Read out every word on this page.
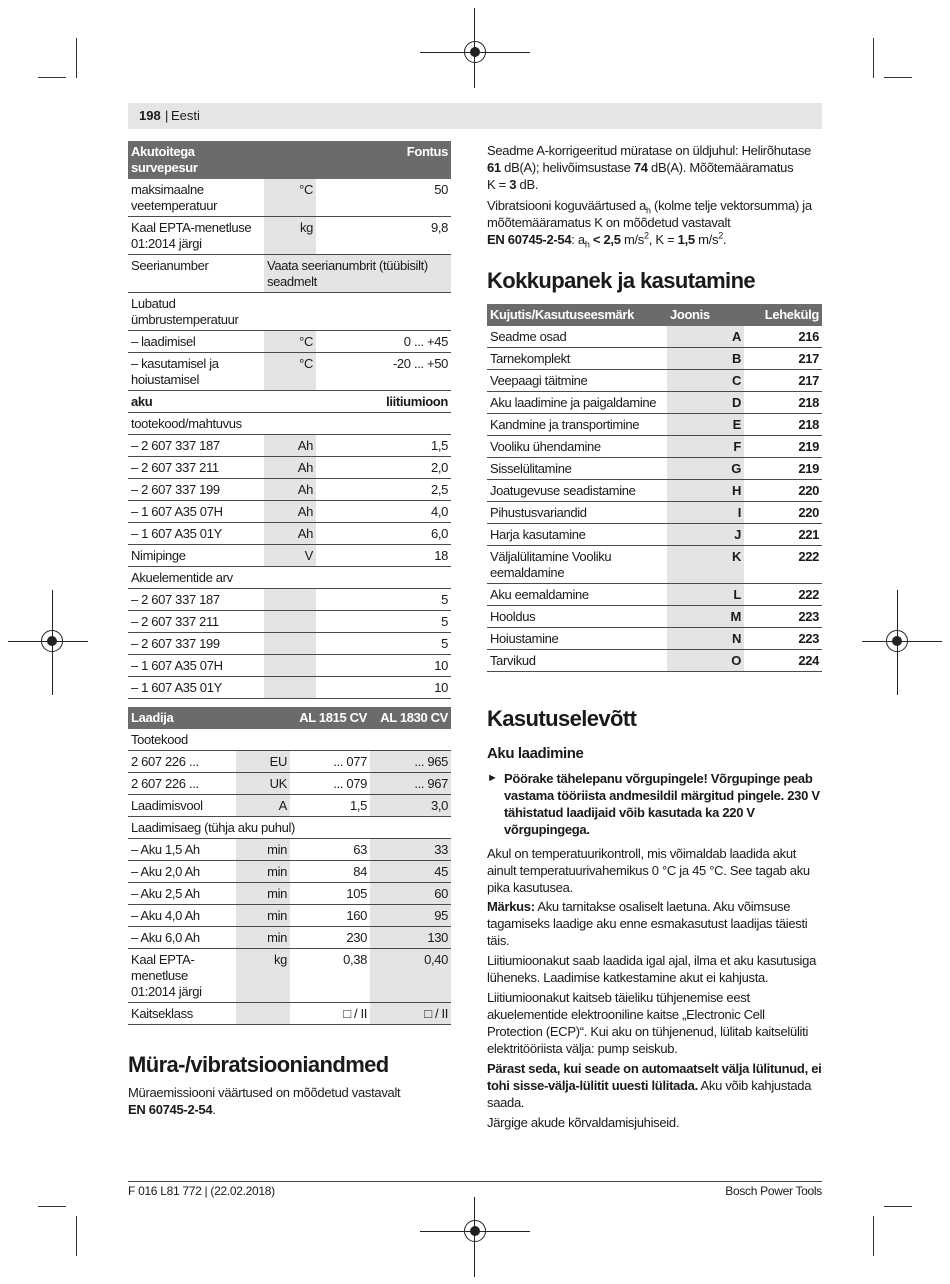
198 | Eesti
Akutoitega survepesur		Fontus
maksimaalne veetemperatuur	°C	50
Kaal EPTA-menetluse 01:2014 järgi	kg	9,8
Seerianumber	Vaata seerianumbrit (tüübisilt) seadmelt	
Lubatud ümbrustemperatuur		
– laadimisel	°C	0 ... +45
– kasutamisel ja hoiustamisel	°C	-20 ... +50
aku		liitiumioon
tootekood/mahtuvus		
– 2 607 337 187	Ah	1,5
– 2 607 337 211	Ah	2,0
– 2 607 337 199	Ah	2,5
– 1 607 A35 07H	Ah	4,0
– 1 607 A35 01Y	Ah	6,0
Nimipinge	V	18
Akuelementide arv		
– 2 607 337 187		5
– 2 607 337 211		5
– 2 607 337 199		5
– 1 607 A35 07H		10
– 1 607 A35 01Y		10
Laadija		AL 1815 CV	AL 1830 CV
Tootekood			
2 607 226 ...	EU	... 077	... 965
2 607 226 ...	UK	... 079	... 967
Laadimisvool	A	1,5	3,0
Laadimisaeg (tühja aku puhul)			
– Aku 1,5 Ah	min	63	33
– Aku 2,0 Ah	min	84	45
– Aku 2,5 Ah	min	105	60
– Aku 4,0 Ah	min	160	95
– Aku 6,0 Ah	min	230	130
Kaal EPTA-menetluse 01:2014 järgi	kg	0,38	0,40
Kaitseklass		□ / II	□ / II
Müra-/vibratsiooniandmed
Müraemissiooni väärtused on mõõdetud vastavalt
EN 60745-2-54.
Seadme A-korrigeeritud müratase on üldjuhul: Helirõhutase
61 dB(A); helivõimsustase 74 dB(A). Mõõtemääramatus
K = 3 dB.
Vibratsiooni koguväärtused $a_h$ (kolme telje vektorsumma) ja
mõõtemääramatus K on mõõdetud vastavalt
EN 60745-2-54: $a_h < 2,5$ $m/s^2$, K = 1,5 $m/s^2$.
Kokkupanek ja kasutamine
Kujutis/Kasutuseesmärk	Joonis	Lehekülg
Seadme osad	A	216
Tarnekomplekt	B	217
Veepaagi täitmine	C	217
Aku laadimine ja paigaldamine	D	218
Kandmine ja transportimine	E	218
Vooliku ühendamine	F	219
Sisselülitamine	G	219
Joatugevuse seadistamine	H	220
Pihustusvariandid	I	220
Harja kasutamine	J	221
Väljalülitamine Vooliku eemaldamine	K	222
Aku eemaldamine	L	222
Hooldus	M	223
Hoiustamine	N	223
Tarvikud	O	224
Kasutuselevõtt
Aku laadimine
► Pöörake tähelepanu võrgupingele! Võrgupinge peab vastama tööriista andmesildil märgitud pingele. 230 V tähistatud laadijaid võib kasutada ka 220 V võrgupingega.
Akul on temperatuurikontroll, mis võimaldab laadida akut ainult temperatuurivahemikus 0 °C ja 45 °C. See tagab aku pika kasutusea.
Märkus: Aku tarnitakse osaliselt laetuna. Aku võimsuse tagamiseks laadige aku enne esmakasutust laadijas täiesti täis.
Liitiumioonakut saab laadida igal ajal, ilma et aku kasutusiga lüheneks. Laadimise katkestamine akut ei kahjusta.
Liitiumioonakut kaitseb täieliku tühjenemise eest akuelementide elektrooniline kaitse „Electronic Cell Protection (ECP)“. Kui aku on tühjenenud, lülitab kaitselüliti elektritööriista välja: pump seiskub.
Pärast seda, kui seade on automaatselt välja lülitunud, ei tohi sisse-välja-lülitit uuesti lülitada. Aku võib kahjustada saada.
Järgige akude kõrvaldamisjuhiseid.
F 016 L81 772 | (22.02.2018)	Bosch Power Tools
